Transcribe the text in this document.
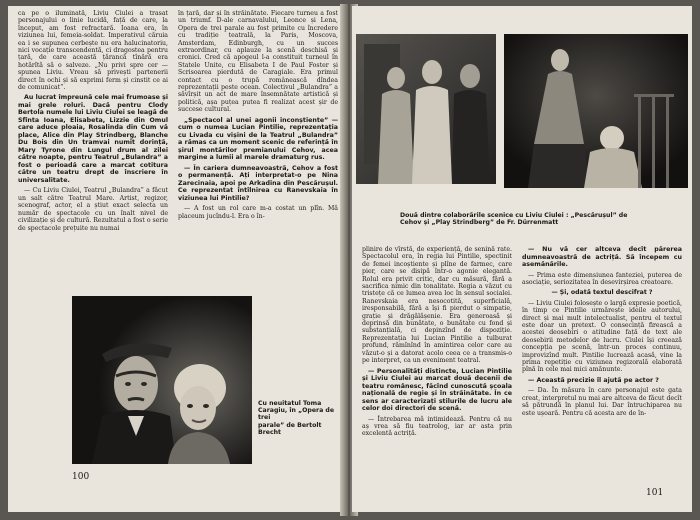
ca pe o iluminată, Liviu Ciulei a trasat personajului o linie lucidă, față de care, la început, am fost refractară. Ioana era, în viziunea lui, femeia-soldat. Imperativul căruia ea i se supunea cerbește nu era halucinatoriu, nici vocație transcendentă, ci dragostea pentru țară, de care această țărancă tînără era hotărîtă să o salveze. „Nu privi spre cer — spunea Liviu. Vreau să privești partenerii direct în ochi și să exprimi ferm și cinstit ce ai de comunicat”.

Au lucrat împreună cele mai frumoase și mai grele roluri. Dacă pentru Clody Bertola numele lui Liviu Ciulei se leagă de Sfînta Ioana, Elisabeta, Lizzie din Omul care aduce ploaia, Rosalinda din Cum vă place, Alice din Play Strindberg, Blanche Du Bois din Un tramvai numit dorință, Mary Tyrone din Lungul drum al zilei către noapte, pentru Teatrul „Bulandra” a fost o perioadă care a marcat cotitura către un teatru drept de înscriere în universalitate.

— Cu Liviu Ciulei, Teatrul „Bulandra” a făcut un salt către Teatrul Mare. Artist, regizor, scenograf, actor, el a știut exact selecta un număr de spectacole cu un înalt nivel de civilizație și de cultură. Rezultatul a fost o serie de spectacole prețuite nu numai

în țară, dar și în străinătate. Fiecare turneu a fost un triumf. D-ale carnavalului, Leonce și Lena, Opera de trei parale au fost primite cu încredere cu tradiție teatrală, la Paris, Moscova, Amsterdam, Edinburgh, cu un succes extraordinar, cu aplauze la scenă deschisă și cronici. Cred că apogeul l-a constituit turneul în Statele Unite, cu Elisabeta I de Paul Foster și Scrisoarea pierdută de Caragiale. Era primul contact cu o trupă românească dîndea reprezentații peste ocean. Colectivul „Bulandra” a săvîrșit un act de mare însemnătate artistică și politică, așa puțea putea fi realizat acest șir de succese cultural.

„Spectacol al unei agonii inconștiente” — cum o numea Lucian Pintilie, reprezentația cu Livada cu vișini de la Teatrul „Bulandra” a rămas ca un moment scenic de referință în șirul montărilor premianului Cehov, acea margine a lumii al marele dramaturg rus.

— În cariera dumneavoastră, Cehov a fost o permanență. Ați interpretat-o pe Nina Zarecinaia, apoi pe Arkadina din Pescărușul. Ce reprezentat întîlnirea cu Ranevskaia în viziunea lui Pintilie?

— A fost un rol care m-a costat un plîn. Mă placeum jucîndu-l. Era o în-

Cu neuitatul Toma Caragiu, în „Opera de trei
parale” de Bertolt Brecht
100
Două dintre colaborările scenice cu Liviu Ciulei : „Pescărușul” de
Cehov și „Play Strindberg” de Fr. Dürrenmatt

plinire de vîrstă, de experiență, de senină rate. Spectacolul era, în regia lui Pintilie, spectinit de femei incoștiente și plîne de farmec, care pier, care se disipă într-o agonie elegantă. Rolul era privit critic, dar cu măsură, fără a sacrifica nimic din tonalitate. Regia a văzut cu tristețe că ce lumea avea loc în sensul socialei. Ranevskaia era nesocotită, superficială, iresponsabilă, fără a își fi pierdut o simpatie, grație și drăgălășenie. Era generoasă și deprinsă din bunătate, o bunătate cu fond și substanțială, ci depinzînd de dispoziție. Reprezentația lui Lucian Pintilie a tulburat profund, rămînînd în amintirea celor care au văzut-o și a datorat acolo ceea ce a transmis-o pe interpret, ca un eveniment teatral.

— Personalități distincte, Lucian Pintilie și Liviu Ciulei au marcat două decenii de teatru românesc, făcînd cunoscută școala națională de regie și în străinătate. În ce sens ar caracterizați stilurile de lucru ale celor doi directori de scenă.

— Întrebarea mă intimidează. Pentru că nu aș vrea să fiu teatrolog, iar ar asta prin excelentă actriță.

— Nu vă cer altceva decît părerea dumneavoastră de actriță. Să începem cu asemănările.

— Prima este dimensiunea fanteziei, puterea de asociație, seriozitatea în desevirșirea creatoare.

— Și, odată textul descifrat ?

— Liviu Ciulei folosește o largă expresie poetică, în timp ce Pintilie urmărește ideile autorului, direct și mai mult intelectualist, pentru el textul este doar un pretext. O consecință firească a acestei deosebiri o atitudine față de text ale deosebirii metodelor de lucru. Ciulei își creează concepția pe scenă, într-un proces continuu, improvizînd mult. Pintilie lucrează acasă, vine la prima repetiție cu viziunea regizorală elaborată pînă în cele mai mici amănunte.

— Această precizie îl ajută pe actor ?

— Da. În măsura în care personajul este gata creat, interpretul nu mai are altceva de făcut decît să pătrundă în planul lui. Dar întruchiparea nu este ușoară. Pentru că acesta are de în-

101
